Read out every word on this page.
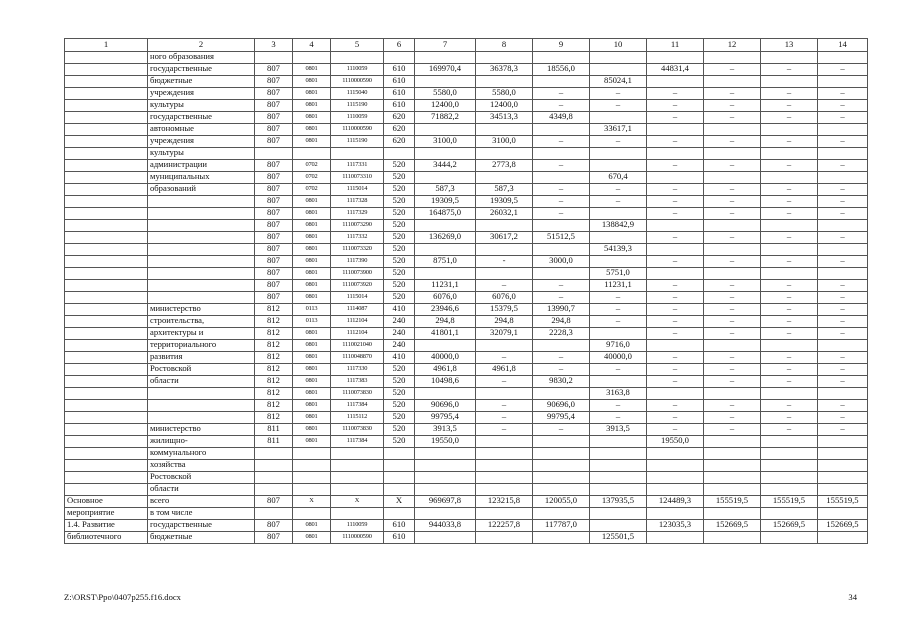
1	2	3	4	5	6	7	8	9	10	11	12	13	14
	ного образования												
	государственные	807	0801	1110059	610	169970,4	36378,3	18556,0		44831,4	–	–	–
	бюджетные	807	0801	1110000590	610				85024,1				
	учреждения	807	0801	1115040	610	5580,0	5580,0	–	–	–	–	–	–
	культуры	807	0801	1115190	610	12400,0	12400,0	–	–	–	–	–	–
	государственные	807	0801	1110059	620	71882,2	34513,3	4349,8		–	–	–	–
	автономные	807	0801	1110000590	620				33617,1				
	учреждения	807	0801	1115190	620	3100,0	3100,0	–	–	–	–	–	–
	культуры												
	администрации	807	0702	1117331	520	3444,2	2773,8	–		–	–	–	–
	муниципальных	807	0702	1110073310	520				670,4				
	образований	807	0702	1115014	520	587,3	587,3	–	–	–	–	–	–
		807	0801	1117328	520	19309,5	19309,5	–	–	–	–	–	–
		807	0801	1117329	520	164875,0	26032,1	–		–	–	–	–
		807	0801	1110073290	520				138842,9				
		807	0801	1117332	520	136269,0	30617,2	51512,5		–	–	–	–
		807	0801	1110073320	520				54139,3				
		807	0801	1117390	520	8751,0	-	3000,0		–	–	–	–
		807	0801	1110073900	520				5751,0				
		807	0801	1110073920	520	11231,1	–	–	11231,1	–	–	–	–
		807	0801	1115014	520	6076,0	6076,0	–	–	–	–	–	–
	министерство	812	0113	1114087	410	23946,6	15379,5	13990,7	–	–	–	–	–
	строительства,	812	0113	1112104	240	294,8	294,8	294,8	–	–	–	–	–
	архитектуры и	812	0801	1112104	240	41801,1	32079,1	2228,3		–	–	–	–
	территориального	812	0801	1110021040	240				9716,0				
	развития	812	0801	1110048870	410	40000,0	–	–	40000,0	–	–	–	–
	Ростовской	812	0801	1117330	520	4961,8	4961,8	–	–	–	–	–	–
	области	812	0801	1117383	520	10498,6	–	9830,2		–	–	–	–
		812	0801	1110073830	520				3163,8				
		812	0801	1117384	520	90696,0	–	90696,0	–	–	–	–	–
		812	0801	1115112	520	99795,4	–	99795,4	–	–	–	–	–
	министерство	811	0801	1110073830	520	3913,5	–	–	3913,5	–	–	–	–
	жилищно-	811	0801	1117384	520	19550,0				19550,0			
	коммунального												
	хозяйства												
	Ростовской												
	области												
Основное	всего	807	Х	Х	Х	969697,8	123215,8	120055,0	137935,5	124489,3	155519,5	155519,5	155519,5
мероприятие	в том числе												
1.4. Развитие	государственные	807	0801	1110059	610	944033,8	122257,8	117787,0		123035,3	152669,5	152669,5	152669,5
библиотечного	бюджетные	807	0801	1110000590	610				125501,5				
Z:\ORST\Ppo\0407p255.f16.docx	34
